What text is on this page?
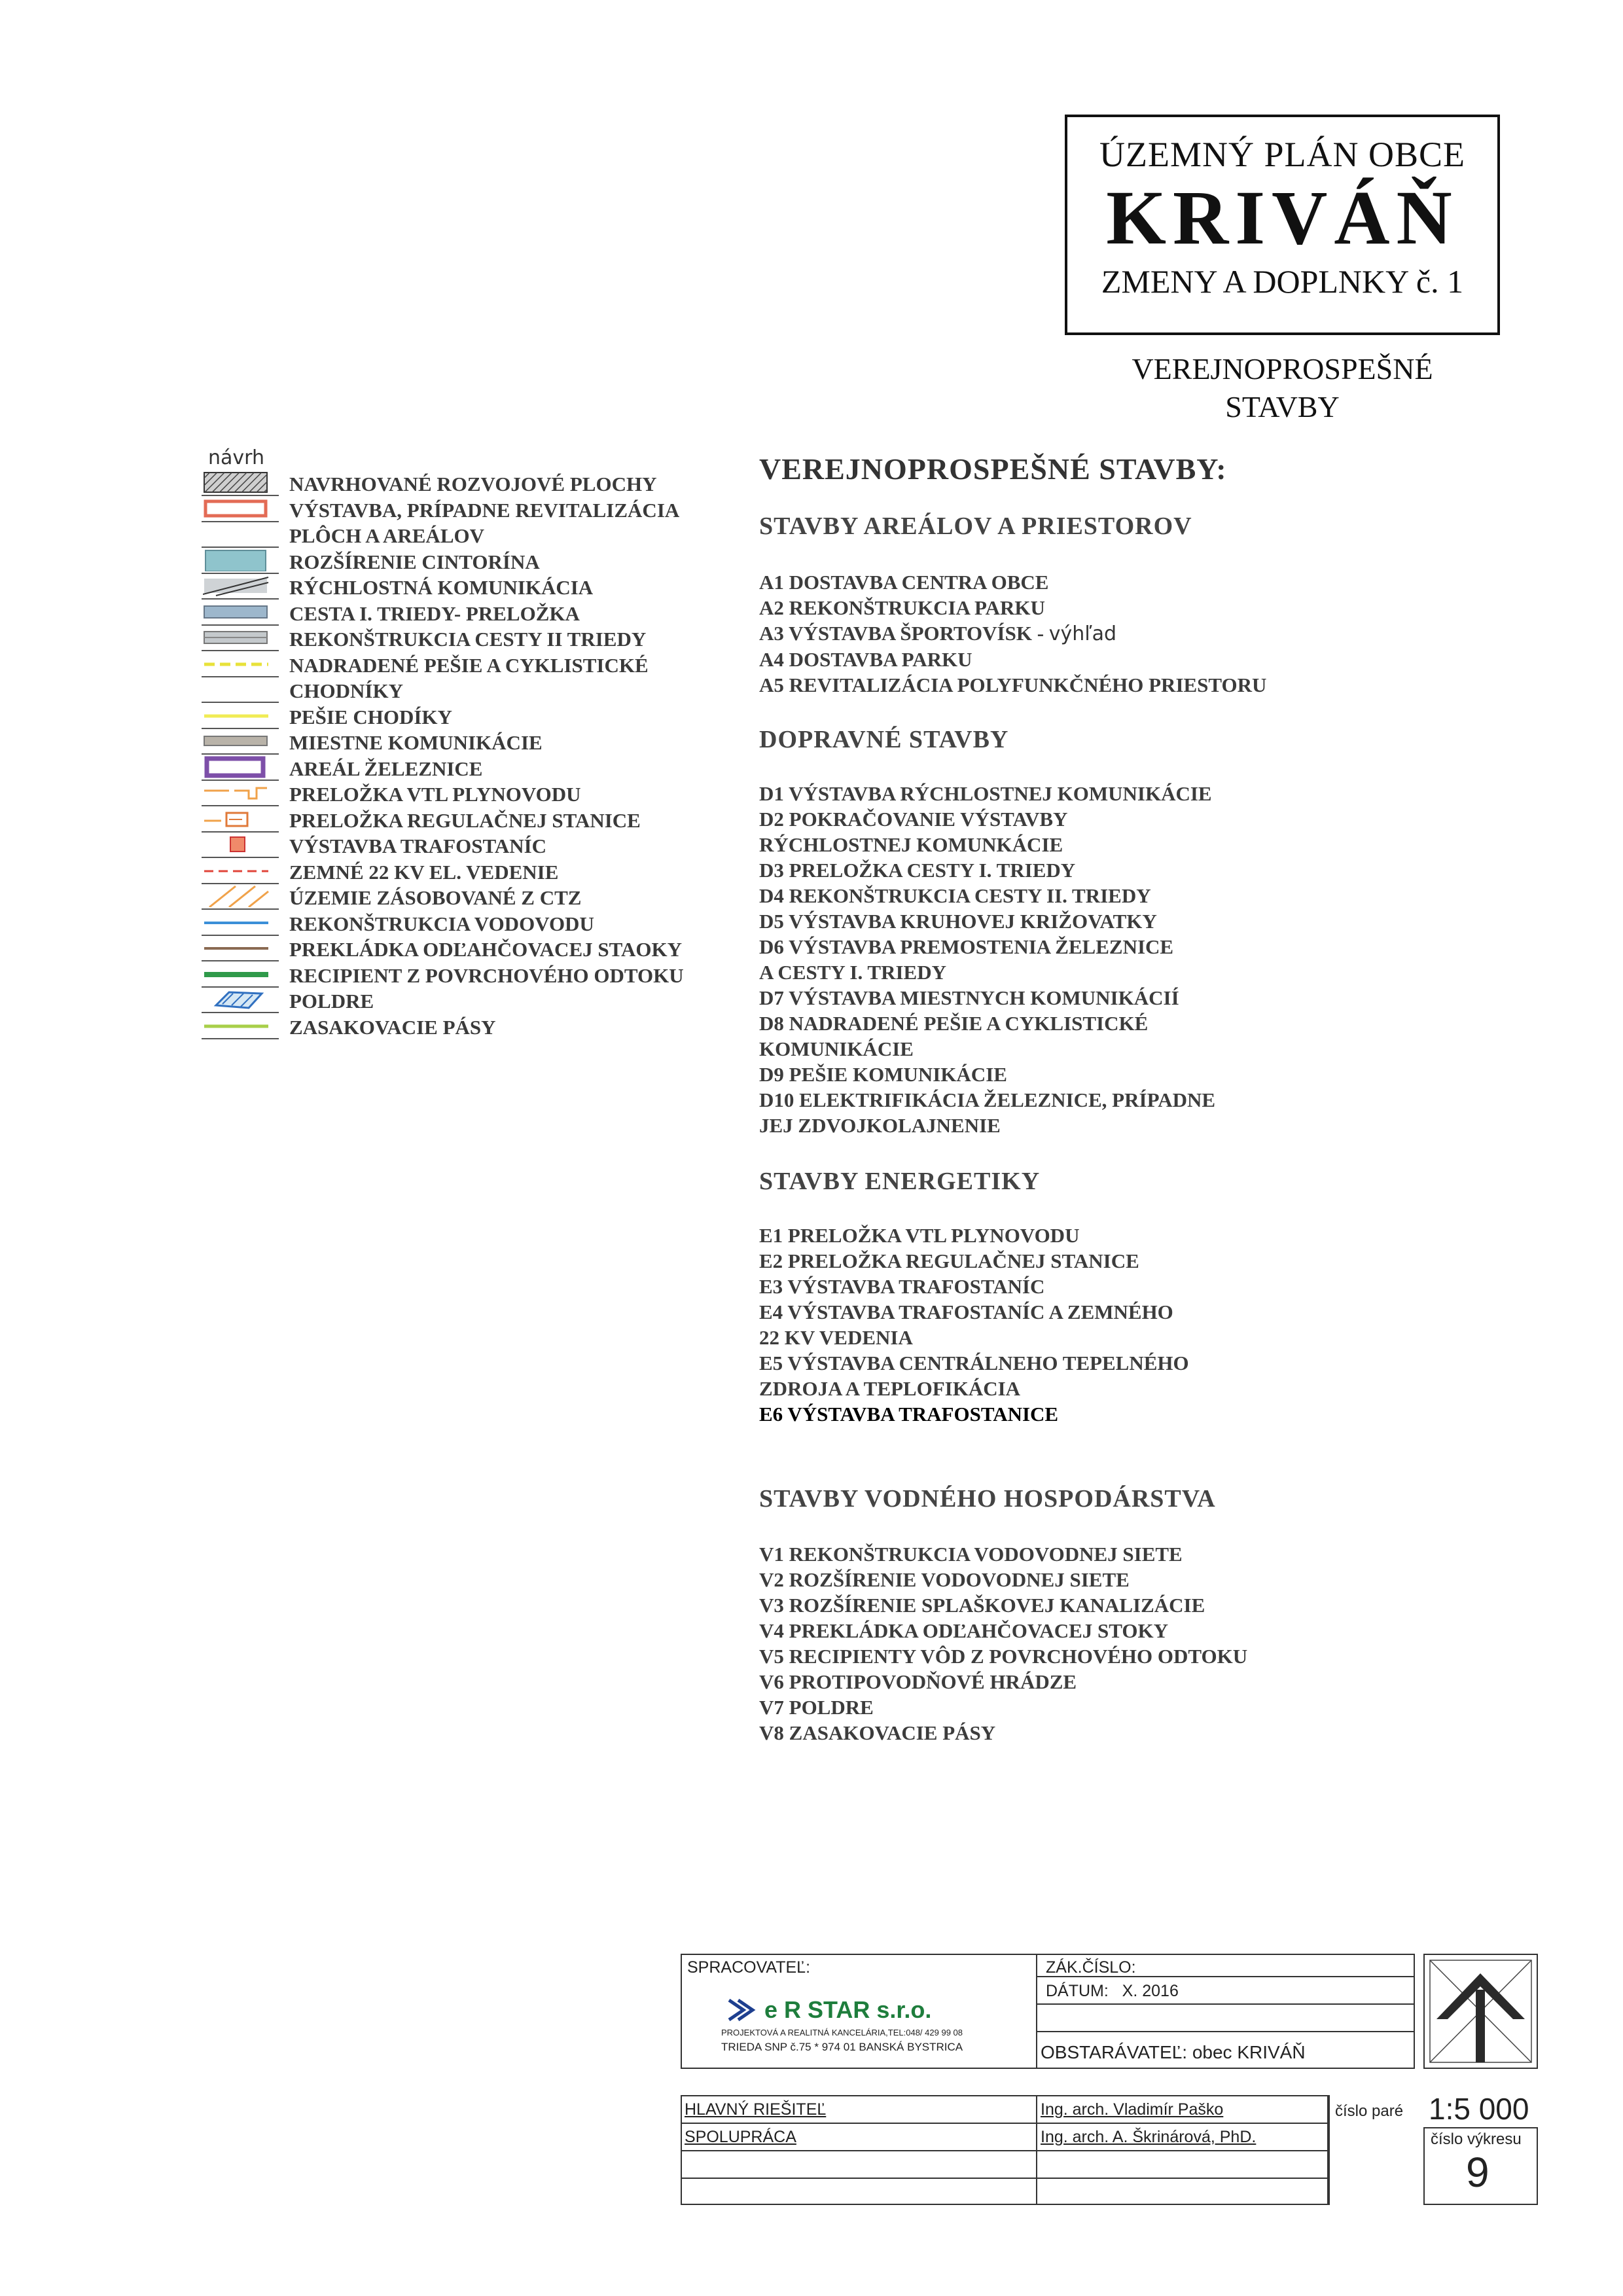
ÚZEMNÝ PLÁN OBCE
KRIVÁŇ
ZMENY A DOPLNKY č. 1
VEREJNOPROSPEŠNÉ
STAVBY
návrh
NAVRHOVANÉ ROZVOJOVÉ PLOCHY
VÝSTAVBA, PRÍPADNE REVITALIZÁCIA
PLÔCH A AREÁLOV
ROZŠÍRENIE CINTORÍNA
RÝCHLOSTNÁ KOMUNIKÁCIA
CESTA I. TRIEDY- PRELOŽKA
REKONŠTRUKCIA CESTY II TRIEDY
NADRADENÉ PEŠIE A CYKLISTICKÉ
CHODNÍKY
PEŠIE CHODÍKY
MIESTNE KOMUNIKÁCIE
AREÁL ŽELEZNICE
PRELOŽKA VTL PLYNOVODU
PRELOŽKA REGULAČNEJ STANICE
VÝSTAVBA TRAFOSTANÍC
ZEMNÉ 22 KV EL. VEDENIE
ÚZEMIE ZÁSOBOVANÉ Z CTZ
REKONŠTRUKCIA VODOVODU
PREKLÁDKA ODĽAHČOVACEJ STAOKY
RECIPIENT Z POVRCHOVÉHO ODTOKU
POLDRE
ZASAKOVACIE PÁSY
VEREJNOPROSPEŠNÉ STAVBY:
STAVBY AREÁLOV A PRIESTOROV
A1 DOSTAVBA CENTRA OBCE
A2 REKONŠTRUKCIA PARKU
A3 VÝSTAVBA ŠPORTOVÍSK - výhľad
A4 DOSTAVBA PARKU
A5 REVITALIZÁCIA POLYFUNKČNÉHO PRIESTORU
DOPRAVNÉ STAVBY
D1 VÝSTAVBA RÝCHLOSTNEJ KOMUNIKÁCIE
D2 POKRAČOVANIE VÝSTAVBY
RÝCHLOSTNEJ KOMUNKÁCIE
D3 PRELOŽKA CESTY I. TRIEDY
D4 REKONŠTRUKCIA CESTY II. TRIEDY
D5 VÝSTAVBA KRUHOVEJ KRIŽOVATKY
D6 VÝSTAVBA PREMOSTENIA ŽELEZNICE
A CESTY I. TRIEDY
D7 VÝSTAVBA MIESTNYCH KOMUNIKÁCIÍ
D8 NADRADENÉ PEŠIE A CYKLISTICKÉ
KOMUNIKÁCIE
D9 PEŠIE KOMUNIKÁCIE
D10 ELEKTRIFIKÁCIA ŽELEZNICE, PRÍPADNE
JEJ ZDVOJKOLAJNENIE
STAVBY ENERGETIKY
E1 PRELOŽKA VTL PLYNOVODU
E2 PRELOŽKA REGULAČNEJ STANICE
E3 VÝSTAVBA TRAFOSTANÍC
E4 VÝSTAVBA TRAFOSTANÍC A ZEMNÉHO
22 KV VEDENIA
E5 VÝSTAVBA CENTRÁLNEHO TEPELNÉHO
ZDROJA A TEPLOFIKÁCIA
E6 VÝSTAVBA TRAFOSTANICE
STAVBY VODNÉHO HOSPODÁRSTVA
V1 REKONŠTRUKCIA VODOVODNEJ SIETE
V2 ROZŠÍRENIE VODOVODNEJ SIETE
V3 ROZŠÍRENIE SPLAŠKOVEJ KANALIZÁCIE
V4 PREKLÁDKA ODĽAHČOVACEJ STOKY
V5 RECIPIENTY VÔD Z POVRCHOVÉHO ODTOKU
V6 PROTIPOVODŇOVÉ HRÁDZE
V7 POLDRE
V8 ZASAKOVACIE PÁSY
SPRACOVATEĽ:	ZÁK.ČÍSLO:
DÁTUM: X. 2016
OBSTARÁVATEĽ: obec KRIVÁŇ
e R STAR s.r.o.
PROJEKTOVÁ A REALITNÁ KANCELÁRIA,TEL:048/ 429 99 08
TRIEDA SNP č.75 * 974 01 BANSKÁ BYSTRICA
HLAVNÝ RIEŠITEĽ	Ing. arch. Vladimír Paško
SPOLUPRÁCA	Ing. arch. A. Škrinárová, PhD.
číslo paré 1:5 000
číslo výkresu
9
